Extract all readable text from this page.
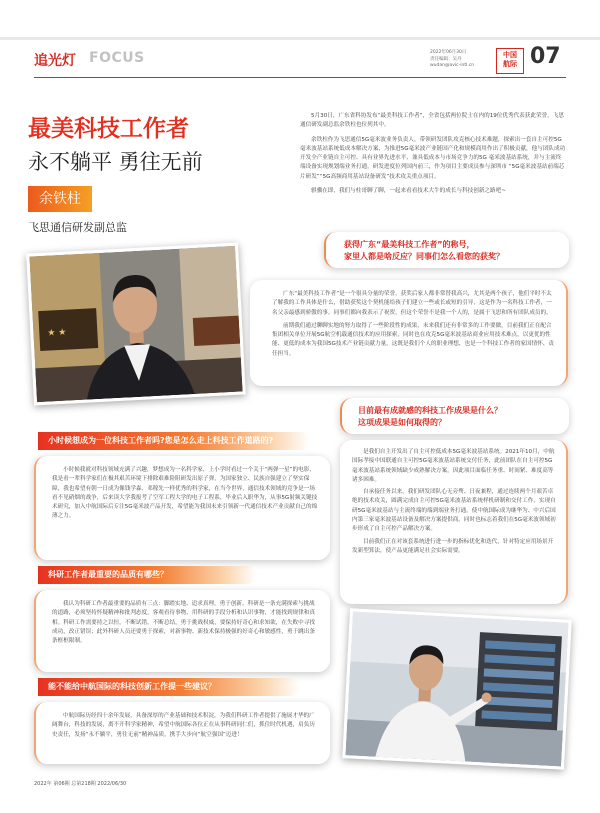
追光灯 FOCUS	2022年06月30日
责任编辑：吴丹
wudan@avic-intl.cn
中国
航际 07
最美科技工作者
永不躺平 勇往无前
余铁柱
飞思通信研发副总监

5月30日，广东省科协发布“最美科技工作者”，全省包括两位院士在内的19位优秀代表获此荣誉，飞思通信研发副总监余铁柱也位列其中。

余铁柱作为飞思通信5G毫米波业务负责人，带领研发团队攻克核心技术难题，探索出一套自主可控5G毫米波基站系统低成本解决方案，为推进5G毫米波产业链国产化和规模商用作出了积极贡献，他与团队成功开发全产业链自主可控、具有业界先进水平、兼具低成本与市场竞争力的5G 毫米波基站系统，并与主流终端设备实现规划端业务打通，研发进度位列国内前三，作为项目主要成员参与深圳市 “5G毫米波基站前端芯片研发”“5G高频商用基站设备研发”技术攻关重点项目。

骐骥在即，我们与柱哥聊了聊，一起来看看技术大牛的成长与科技创新之路吧~

★ ★
获得广东“最美科技工作者”的称号，
家里人都是啥反应？同事们怎么看您的获奖？

广东“最美科技工作者”是一个很具分量的荣誉，获奖后家人都非常替我高兴，尤其是两个孩子，他们平时不太了解我的工作具体是什么，借助获奖这个契机能给孩子们建立一些或长或短的引导，这是作为一名科技工作者，一名父亲最感到骄傲的事。同事们都向我表示了祝贺，但这个荣誉不是我一个人的，是属于飞思和所有团队成员的。

前期我们通过聊聊实地的努力取得了一些阶段性的成果，未来我们还有非常多的工作要做，目前我们正在配合集团相关单位开展5G航空机载通信技术的应用探索，同时也在攻克5G毫米波基站商业应用技术难点，以更优的性能、更低的成本为我国5G技术产业链贡献力量，这既是我们个人的职业理想，也是一个科技工作者的家国情怀、责任担当。

目前最有成就感的科技工作成果是什么？
这项成果是如何取得的？

是我们自主开发出了自主可控低成本5G毫米波基站系统。2021年10月，中航国际孝接中国联通自主可控5G毫米波基站系统交付任务，此前团队在自主可控5G毫米波基站系统领域缺少成熟解决方案，因此项目面临任务重、时间紧、难度高等诸多困难。

自承接任务以来，我们研发团队心无旁骛、日夜兼程，通过连续两个月艰苦卓绝的技术攻关，圆满完成自主可控5G毫米波基站系统样机研制和交付工作，实现自研5G毫米波基站与主流终端的端到端业务打通，使中航国际成为继华为、中兴后国内第三家毫米波基站设备及解决方案提供商。同时也标志着我们在5G毫米波领域初步形成了自主可控产品解决方案。

目前我们正在对该套系统进行进一步的指标优化和迭代，针对特定应用场景开发新型算法，使产品更能满足社会实际需要。

小时候想成为一位科技工作者吗?您是怎么走上科技工作道路的?

小时候我就对科技领域充满了兴趣，梦想成为一名科学家，上小学时看过一个关于“两弹一星”的电影，我是看一辈科学家们在极其艰苦环境下排除艰难险阻研发出原子弹，为国家独立、民族自强建立了坚实保障，我也希望有朝一日成为像钱学森、邓稼先一样优秀的科学家，在当今世界，通信技术领域的竞争是一场看不见硝烟的战争，后来读大学我报考了空军工程大学的电子工程系，毕业后入职华为，从事5G射频关键技术研究，加入中航国际后专注5G毫米波产品开发，希望能为我国未来引领新一代通信技术产业贡献自己的绵薄之力。

科研工作者最重要的品质有哪些？

我认为科研工作者最重要的品质有三点：脚踏实地、追求真理，勇于创新。科研是一条充满探索与挑战的道路，必须坚持怀疑精神和批判态度，客观看待事物，用科研的手段分析和认识事物，才能找到规律和真相。科研工作需要持之以恒，不断试错，不断总结，勇于挑战权威，要保持好奇心和求知欲，在失败中寻找成功，改正错误；此外科研人员还要勇于探索，对新事物、新技术保持极强的好奇心和敏感性，勇于跳出条条框框限制。

能不能给中航国际的科技创新工作提一些建议？

中航国际历经四十余年发展，具备深厚的产业基础和技术积淀，为我们科研工作者提供了施展才华的广阔舞台，科技的发展，离不开科学家精神，希望中航国际各位正在从事科研同仁们，抓住时代机遇，肩负历史责任，发扬“永不躺平，勇往无前”精神品质，携手大步向“航空强国”迈进！

2022年 第06期 总第218期 2022/06/30
